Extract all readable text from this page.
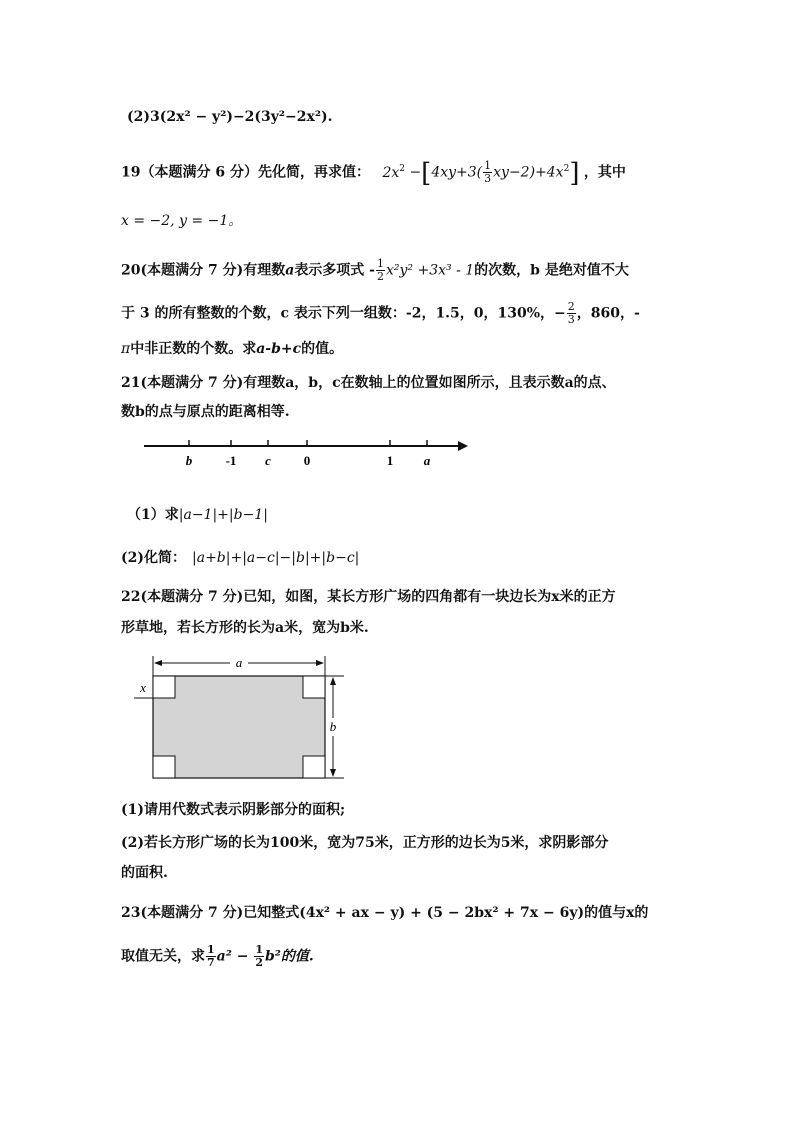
(2)3(2x² − y²)−2(3y²−2x²).
19（本题满分 6 分）先化简，再求值： $2x^2 -[4xy+3( \frac{1}{3} xy-2)+4x^2]$ ，其中
x = −2, y = −1。
20(本题满分 7 分)有理数a表示多项式 - $\frac{1}{2} x^2y^2 +3x^3 - 1$的次数，b 是绝对值不大
于 3 的所有整数的个数，c 表示下列一组数：-2，1.5，0，130%，− $\frac{2}{3}$ ，860，-
π中非正数的个数。求a-b+c的值。
21(本题满分 7 分)有理数a，b，c在数轴上的位置如图所示，且表示数a的点、
数b的点与原点的距离相等.
b	-1 c	0	1 a
（1）求|a−1|+|b−1|
(2)化简： |a+b|+|a−c|−|b|+|b−c|
22(本题满分 7 分)已知，如图，某长方形广场的四角都有一块边长为x米的正方
形草地，若长方形的长为a米，宽为b米.
a
b
x
(1)请用代数式表示阴影部分的面积;
(2)若长方形广场的长为100米，宽为75米，正方形的边长为5米，求阴影部分
的面积.
23(本题满分 7 分)已知整式(4x² + ax − y) + (5 − 2bx² + 7x − 6y)的值与x的
取值无关，求 $\frac{1}{7} a^2 - \frac{1}{2} b^2$的值.
